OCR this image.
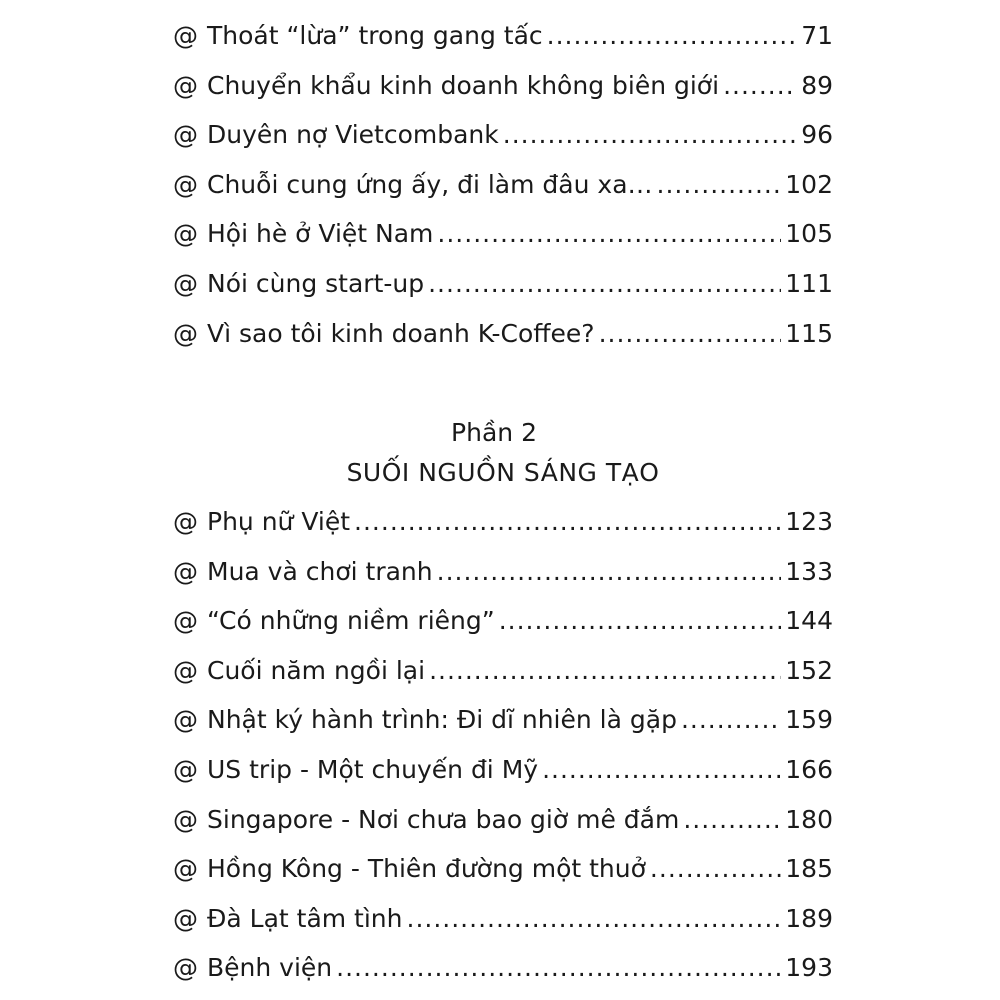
@ Thoát “lừa” trong gang tấc .....	71
@ Chuyển khẩu kinh doanh không biên giới .....	89
@ Duyên nợ Vietcombank .....	96
@ Chuỗi cung ứng ấy, đi làm đâu xa… .....	102
@ Hội hè ở Việt Nam .....	105
@ Nói cùng start-up .....	111
@ Vì sao tôi kinh doanh K-Coffee? .....	115
Phần 2
SUỐI NGUỒN SÁNG TẠO
@ Phụ nữ Việt .....	123
@ Mua và chơi tranh .....	133
@ “Có những niềm riêng” .....	144
@ Cuối năm ngồi lại .....	152
@ Nhật ký hành trình: Đi dĩ nhiên là gặp .....	159
@ US trip - Một chuyến đi Mỹ .....	166
@ Singapore - Nơi chưa bao giờ mê đắm .....	180
@ Hồng Kông - Thiên đường một thuở .....	185
@ Đà Lạt tâm tình .....	189
@ Bệnh viện .....	193
